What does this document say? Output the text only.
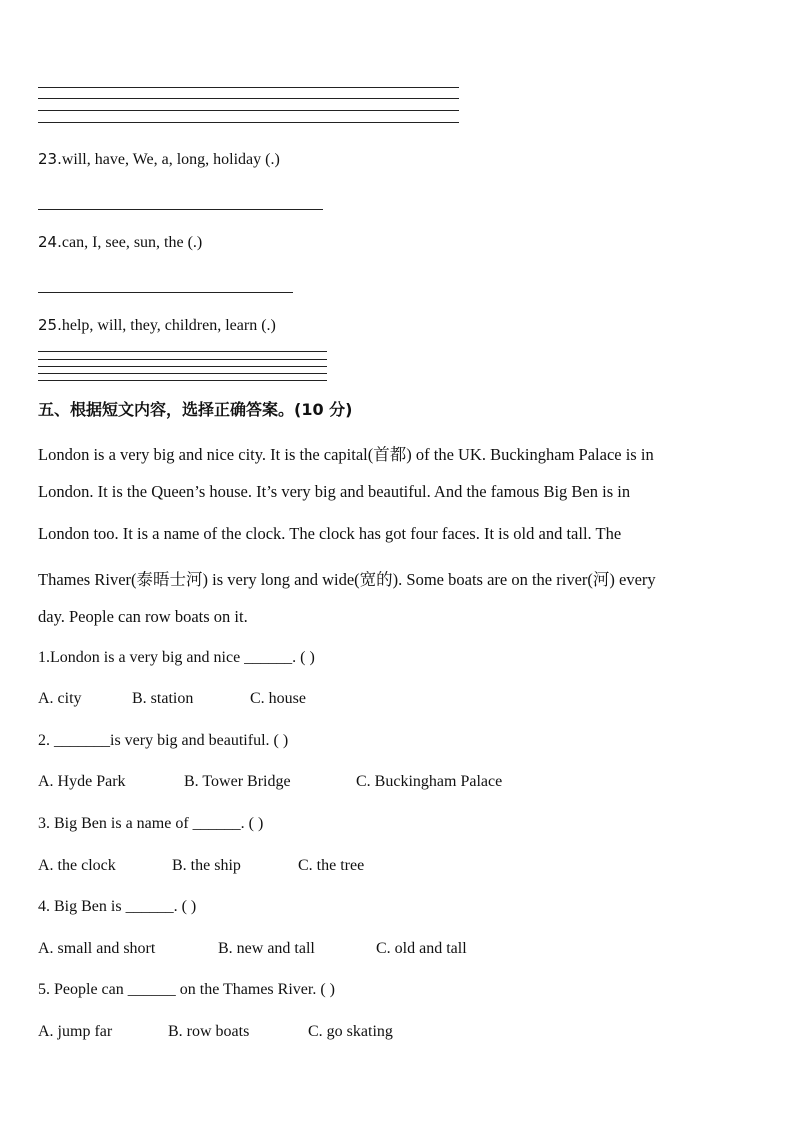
23.will, have, We, a, long, holiday (.)
24.can, I, see, sun, the (.)
25.help, will, they, children, learn (.)
五、根据短文内容，选择正确答案。(10 分)
London is a very big and nice city. It is the capital(首都) of the UK. Buckingham Palace is in
London. It is the Queen’s house. It’s very big and beautiful. And the famous Big Ben is in
London too. It is a name of the clock. The clock has got four faces. It is old and tall. The
Thames River(泰晤士河) is very long and wide(宽的). Some boats are on the river(河) every
day. People can row boats on it.
1.London is a very big and nice ______. ( )
A. city	B. station	C. house
2. _______is very big and beautiful. ( )
A. Hyde Park	B. Tower Bridge	C. Buckingham Palace
3. Big Ben is a name of ______. ( )
A. the clock	B. the ship	C. the tree
4. Big Ben is ______. ( )
A. small and short	B. new and tall	C. old and tall
5. People can ______ on the Thames River. ( )
A. jump far	B. row boats	C. go skating
